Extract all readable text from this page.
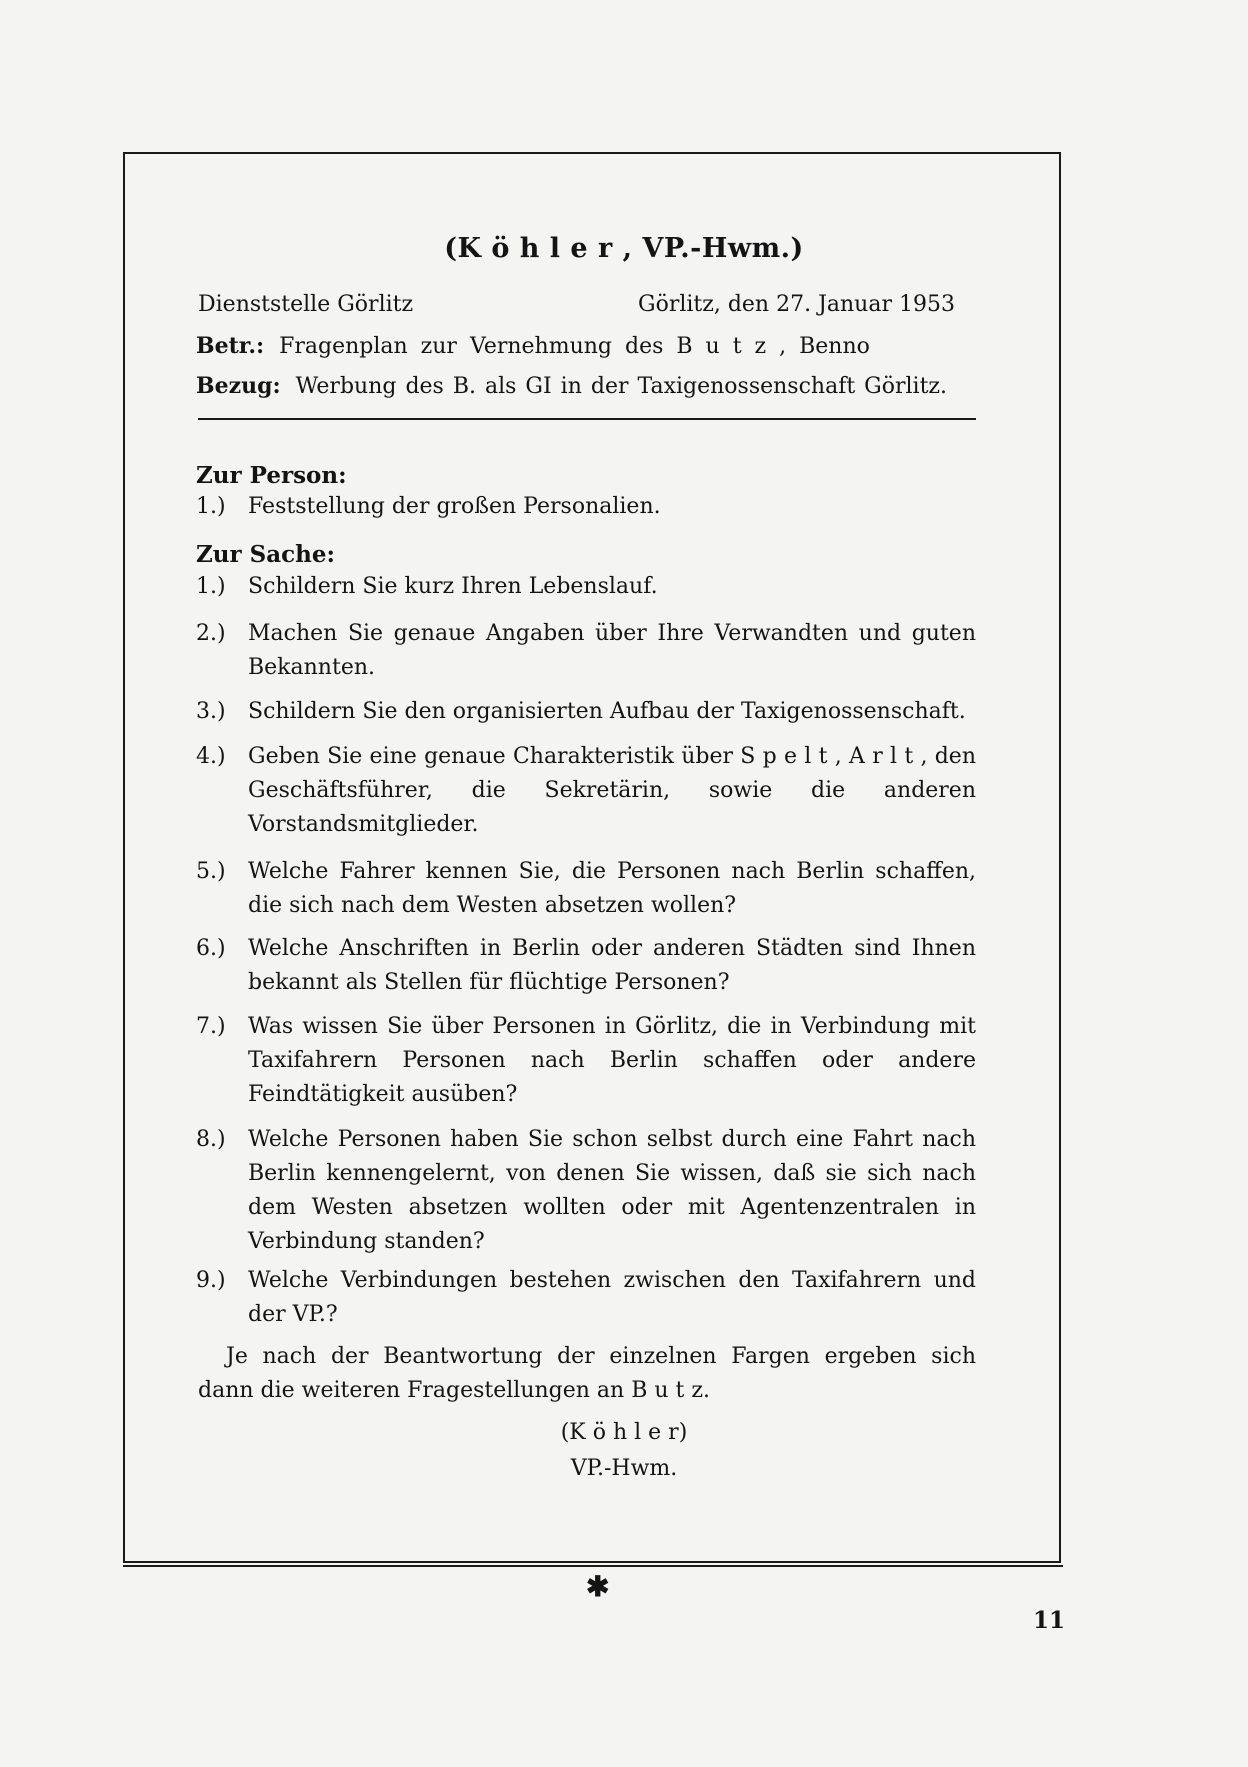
(K ö h l e r , VP.-Hwm.)
Dienststelle Görlitz	Görlitz, den 27. Januar 1953
Betr.: Fragenplan zur Vernehmung des B u t z , Benno
Bezug: Werbung des B. als GI in der Taxigenossenschaft Görlitz.
Zur Person:
1.)	Feststellung der großen Personalien.
Zur Sache:
1.)	Schildern Sie kurz Ihren Lebenslauf.
2.)	Machen Sie genaue Angaben über Ihre Verwandten und guten Bekannten.
3.)	Schildern Sie den organisierten Aufbau der Taxigenossenschaft.
4.)	Geben Sie eine genaue Charakteristik über S p e l t , A r l t , den Geschäftsführer, die Sekretärin, sowie die anderen Vorstandsmitglieder.
5.)	Welche Fahrer kennen Sie, die Personen nach Berlin schaffen, die sich nach dem Westen absetzen wollen?
6.)	Welche Anschriften in Berlin oder anderen Städten sind Ihnen bekannt als Stellen für flüchtige Personen?
7.)	Was wissen Sie über Personen in Görlitz, die in Verbindung mit Taxifahrern Personen nach Berlin schaffen oder andere Feindtätigkeit ausüben?
8.)	Welche Personen haben Sie schon selbst durch eine Fahrt nach Berlin kennengelernt, von denen Sie wissen, daß sie sich nach dem Westen absetzen wollten oder mit Agentenzentralen in Verbindung standen?
9.)	Welche Verbindungen bestehen zwischen den Taxifahrern und der VP.?
Je nach der Beantwortung der einzelnen Fargen ergeben sich dann die weiteren Fragestellungen an B u t z.
(K ö h l e r)
VP.-Hwm.
✱
11
